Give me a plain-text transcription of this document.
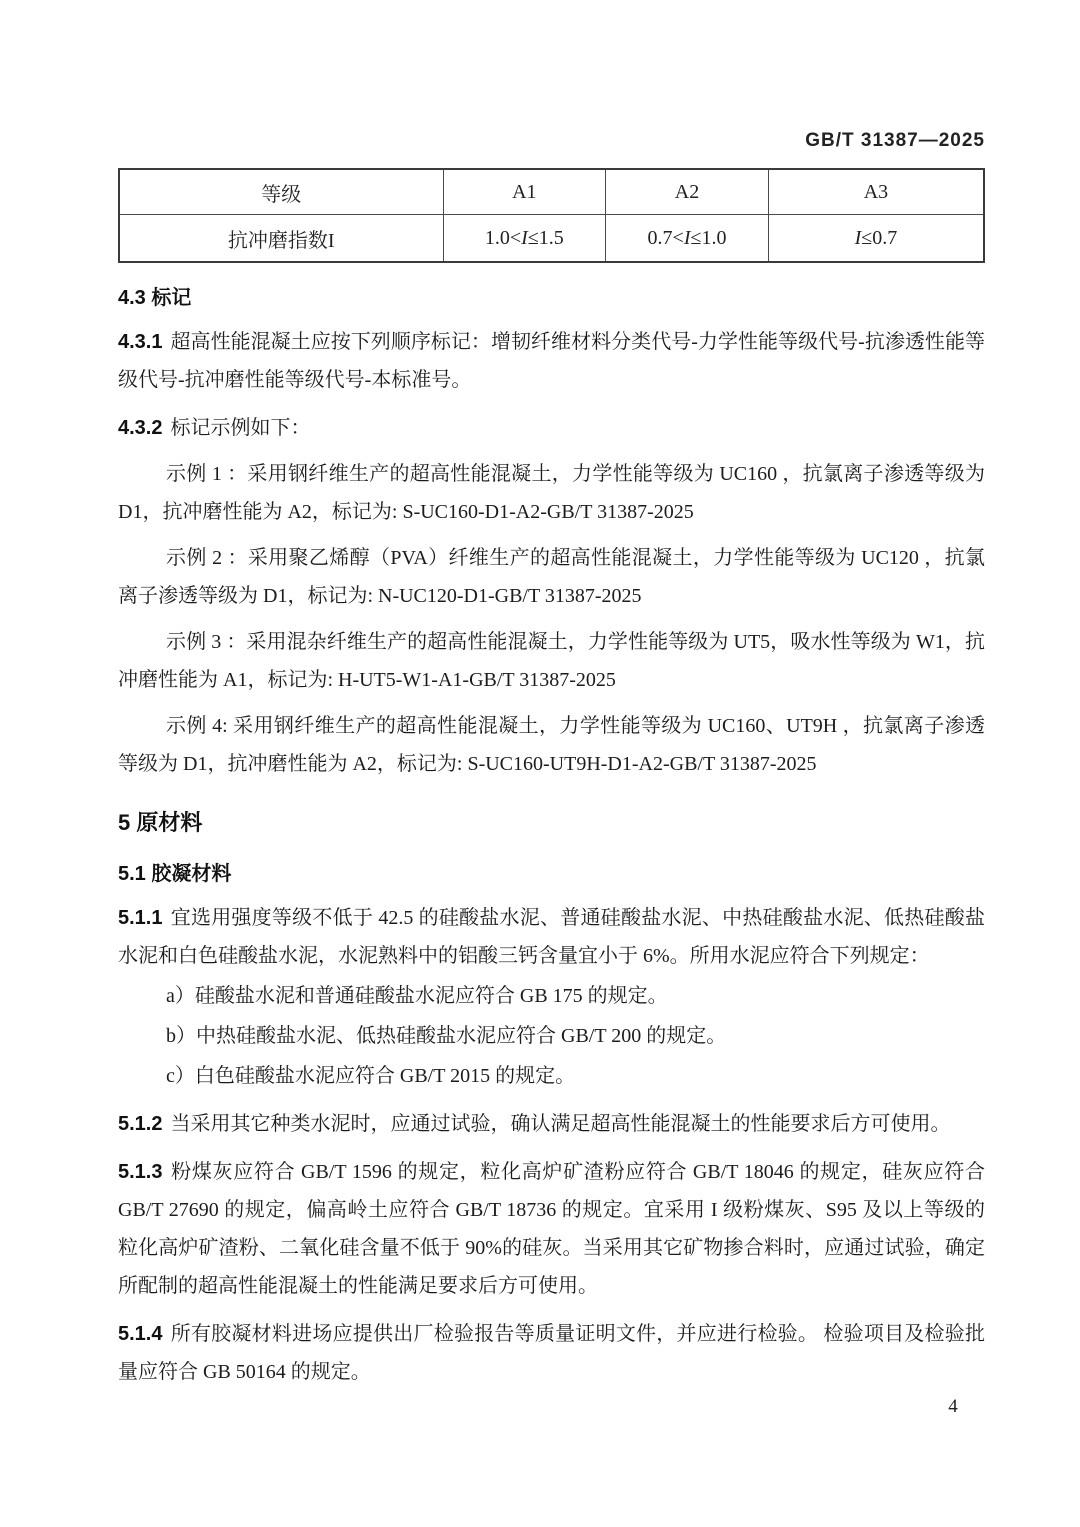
GB/T 31387—2025
等级	A1	A2	A3
抗冲磨指数I	1.0<I≤1.5	0.7<I≤1.0	I≤0.7
4.3 标记

4.3.1 超高性能混凝土应按下列顺序标记：增韧纤维材料分类代号-力学性能等级代号-抗渗透性能等级代号-抗冲磨性能等级代号-本标准号。

4.3.2 标记示例如下：

示例 1 ：采用钢纤维生产的超高性能混凝土，力学性能等级为 UC160 ，抗氯离子渗透等级为 D1，抗冲磨性能为 A2，标记为: S-UC160-D1-A2-GB/T 31387-2025

示例 2 ：采用聚乙烯醇（PVA）纤维生产的超高性能混凝土，力学性能等级为 UC120 ，抗氯离子渗透等级为 D1，标记为: N-UC120-D1-GB/T 31387-2025

示例 3 ：采用混杂纤维生产的超高性能混凝土，力学性能等级为 UT5，吸水性等级为 W1，抗冲磨性能为 A1，标记为: H-UT5-W1-A1-GB/T 31387-2025

示例 4: 采用钢纤维生产的超高性能混凝土，力学性能等级为 UC160、UT9H ，抗氯离子渗透等级为 D1，抗冲磨性能为 A2，标记为: S-UC160-UT9H-D1-A2-GB/T 31387-2025

5 原材料
5.1 胶凝材料

5.1.1 宜选用强度等级不低于 42.5 的硅酸盐水泥、普通硅酸盐水泥、中热硅酸盐水泥、低热硅酸盐水泥和白色硅酸盐水泥，水泥熟料中的铝酸三钙含量宜小于 6%。所用水泥应符合下列规定：

a）硅酸盐水泥和普通硅酸盐水泥应符合 GB 175 的规定。
b）中热硅酸盐水泥、低热硅酸盐水泥应符合 GB/T 200 的规定。
c）白色硅酸盐水泥应符合 GB/T 2015 的规定。

5.1.2 当采用其它种类水泥时，应通过试验，确认满足超高性能混凝土的性能要求后方可使用。

5.1.3 粉煤灰应符合 GB/T 1596 的规定，粒化高炉矿渣粉应符合 GB/T 18046 的规定，硅灰应符合 GB/T 27690 的规定，偏高岭土应符合 GB/T 18736 的规定。宜采用 I 级粉煤灰、S95 及以上等级的粒化高炉矿渣粉、二氧化硅含量不低于 90%的硅灰。当采用其它矿物掺合料时，应通过试验，确定所配制的超高性能混凝土的性能满足要求后方可使用。

5.1.4 所有胶凝材料进场应提供出厂检验报告等质量证明文件，并应进行检验。 检验项目及检验批量应符合 GB 50164 的规定。

4
